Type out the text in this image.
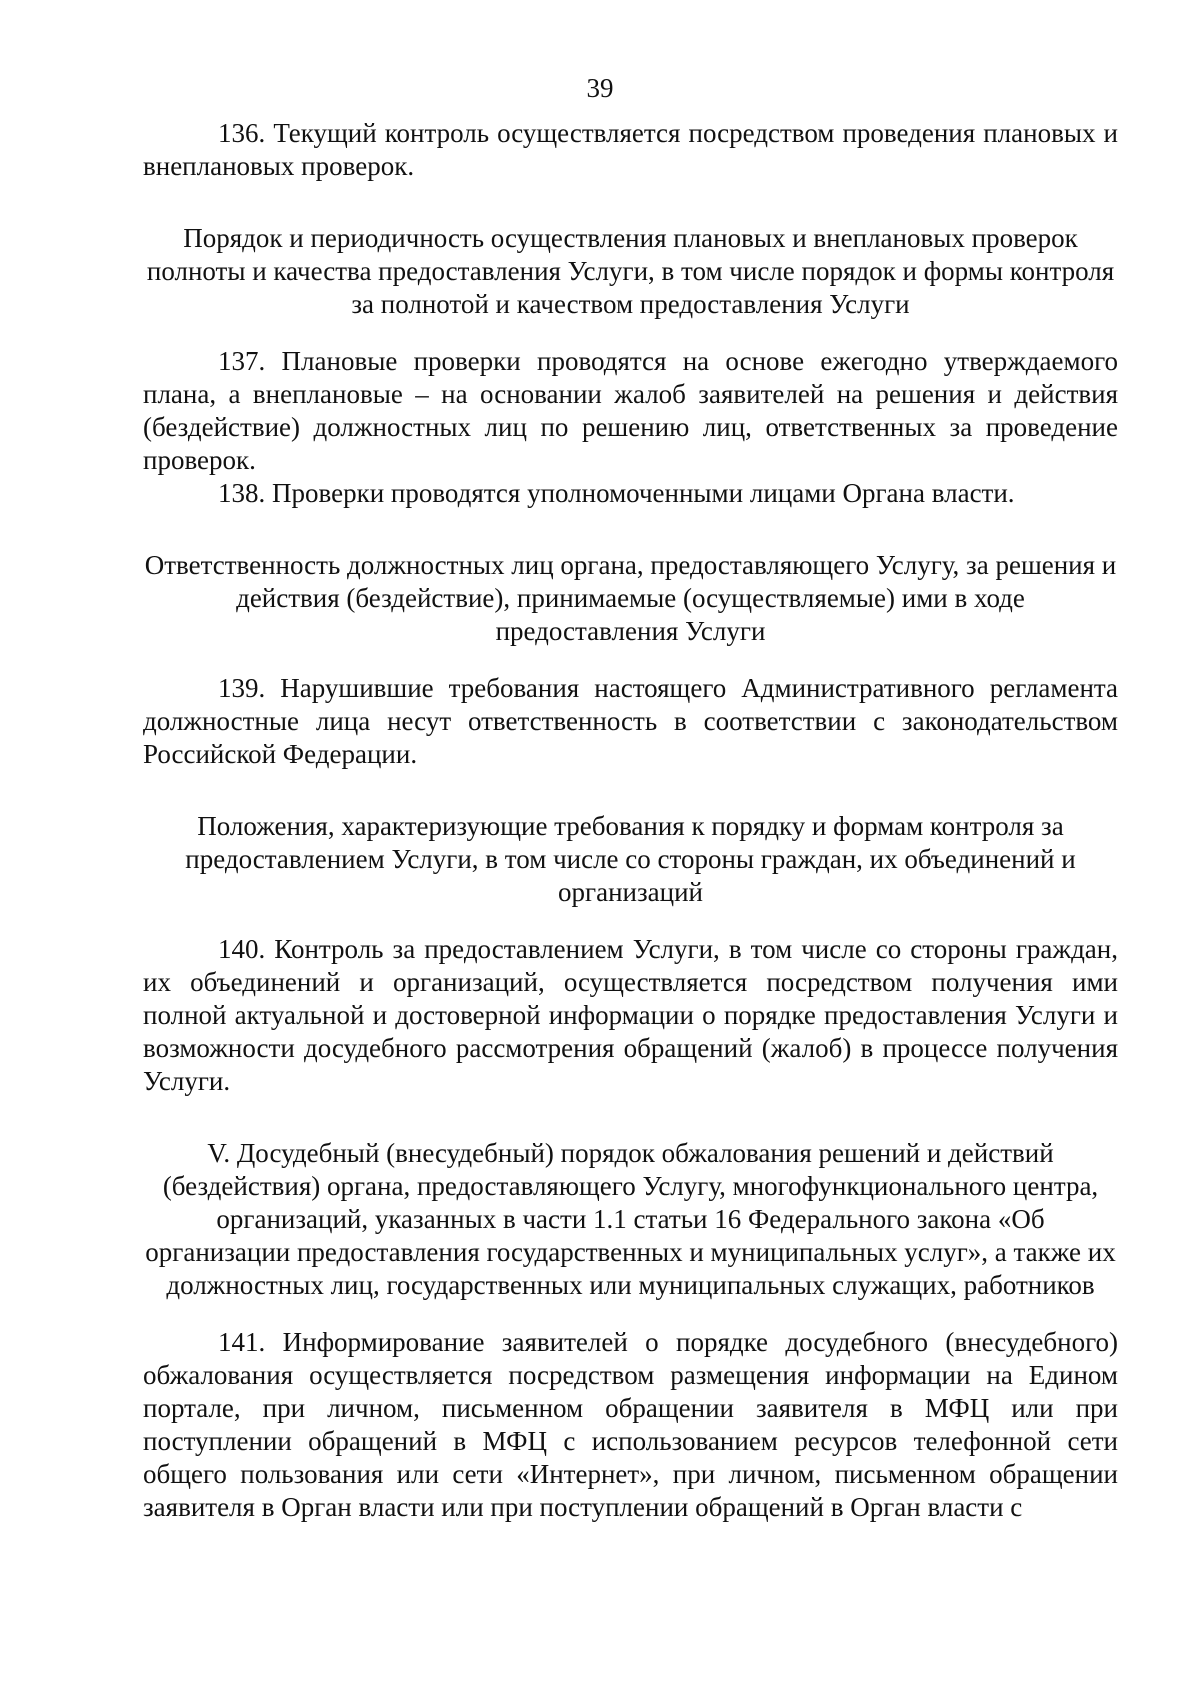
39

136. Текущий контроль осуществляется посредством проведения плановых и внеплановых проверок.

Порядок и периодичность осуществления плановых и внеплановых проверок полноты и качества предоставления Услуги, в том числе порядок и формы контроля за полнотой и качеством предоставления Услуги

137. Плановые проверки проводятся на основе ежегодно утверждаемого плана, а внеплановые – на основании жалоб заявителей на решения и действия (бездействие) должностных лиц по решению лиц, ответственных за проведение проверок.

138. Проверки проводятся уполномоченными лицами Органа власти.

Ответственность должностных лиц органа, предоставляющего Услугу, за решения и действия (бездействие), принимаемые (осуществляемые) ими в ходе предоставления Услуги

139. Нарушившие требования настоящего Административного регламента должностные лица несут ответственность в соответствии с законодательством Российской Федерации.

Положения, характеризующие требования к порядку и формам контроля за предоставлением Услуги, в том числе со стороны граждан, их объединений и организаций

140. Контроль за предоставлением Услуги, в том числе со стороны граждан, их объединений и организаций, осуществляется посредством получения ими полной актуальной и достоверной информации о порядке предоставления Услуги и возможности досудебного рассмотрения обращений (жалоб) в процессе получения Услуги.

V. Досудебный (внесудебный) порядок обжалования решений и действий (бездействия) органа, предоставляющего Услугу, многофункционального центра, организаций, указанных в части 1.1 статьи 16 Федерального закона «Об организации предоставления государственных и муниципальных услуг», а также их должностных лиц, государственных или муниципальных служащих, работников

141. Информирование заявителей о порядке досудебного (внесудебного) обжалования осуществляется посредством размещения информации на Едином портале, при личном, письменном обращении заявителя в МФЦ или при поступлении обращений в МФЦ с использованием ресурсов телефонной сети общего пользования или сети «Интернет», при личном, письменном обращении заявителя в Орган власти или при поступлении обращений в Орган власти с
